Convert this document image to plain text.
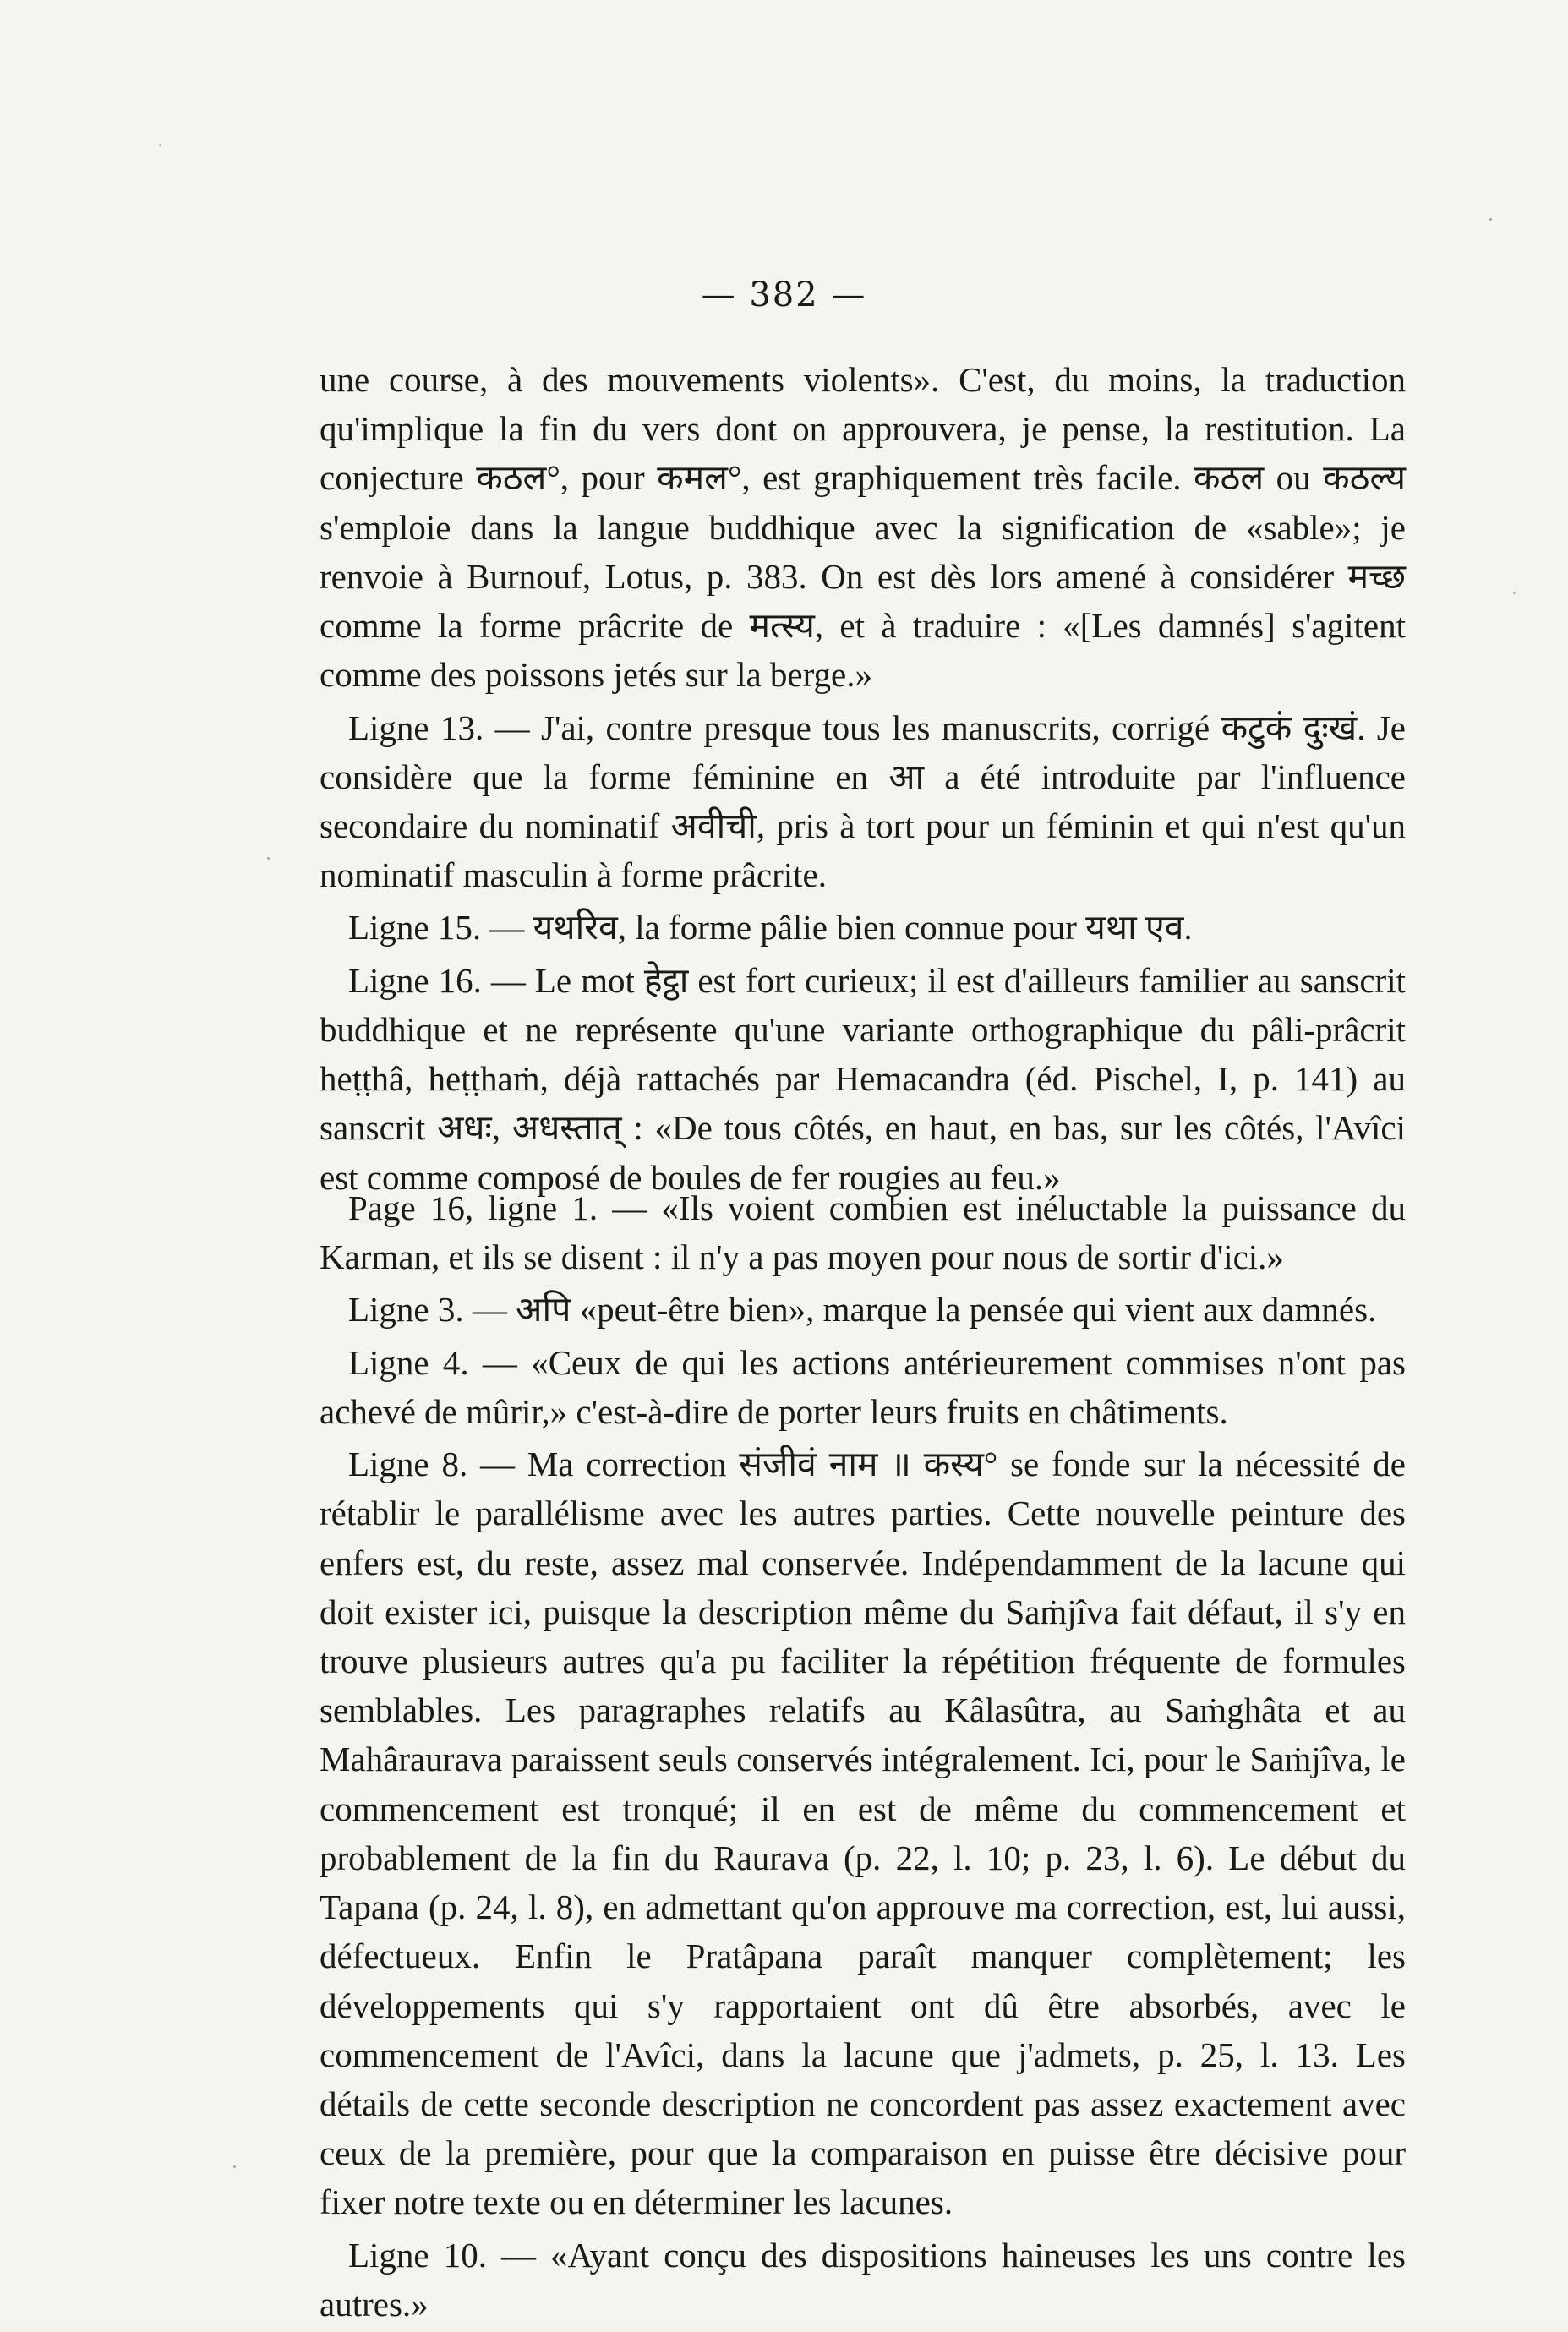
— 382 —

une course, à des mouvements violents». C'est, du moins, la traduction qu'implique la fin du vers dont on approuvera, je pense, la restitution. La conjecture कठल°, pour कमल°, est graphiquement très facile. कठल ou कठल्य s'emploie dans la langue buddhique avec la signification de «sable»; je renvoie à Burnouf, Lotus, p. 383. On est dès lors amené à considérer मच्छ comme la forme prâcrite de मत्स्य, et à traduire : «[Les damnés] s'agitent comme des poissons jetés sur la berge.»

Ligne 13. — J'ai, contre presque tous les manuscrits, corrigé कटुकं दुःखं. Je considère que la forme féminine en आ a été introduite par l'influence secondaire du nominatif अवीची, pris à tort pour un féminin et qui n'est qu'un nominatif masculin à forme prâcrite.

Ligne 15. — यथरिव, la forme pâlie bien connue pour यथा एव.

Ligne 16. — Le mot हेट्ठा est fort curieux; il est d'ailleurs familier au sanscrit buddhique et ne représente qu'une variante orthographique du pâli-prâcrit heṭṭhâ, heṭṭhaṁ, déjà rattachés par Hemacandra (éd. Pischel, I, p. 141) au sanscrit अधः, अधस्तात् : «De tous côtés, en haut, en bas, sur les côtés, l'Avîci est comme composé de boules de fer rougies au feu.»

Page 16, ligne 1. — «Ils voient combien est inéluctable la puissance du Karman, et ils se disent : il n'y a pas moyen pour nous de sortir d'ici.»

Ligne 3. — अपि «peut-être bien», marque la pensée qui vient aux damnés.

Ligne 4. — «Ceux de qui les actions antérieurement commises n'ont pas achevé de mûrir,» c'est-à-dire de porter leurs fruits en châtiments.

Ligne 8. — Ma correction संजीवं नाम ॥ कस्य° se fonde sur la nécessité de rétablir le parallélisme avec les autres parties. Cette nouvelle peinture des enfers est, du reste, assez mal conservée. Indépendamment de la lacune qui doit exister ici, puisque la description même du Saṁjîva fait défaut, il s'y en trouve plusieurs autres qu'a pu faciliter la répétition fréquente de formules semblables. Les paragraphes relatifs au Kâlasûtra, au Saṁghâta et au Mahâraurava paraissent seuls conservés intégralement. Ici, pour le Saṁjîva, le commencement est tronqué; il en est de même du commencement et probablement de la fin du Raurava (p. 22, l. 10; p. 23, l. 6). Le début du Tapana (p. 24, l. 8), en admettant qu'on approuve ma correction, est, lui aussi, défectueux. Enfin le Pratâpana paraît manquer complètement; les développements qui s'y rapportaient ont dû être absorbés, avec le commencement de l'Avîci, dans la lacune que j'admets, p. 25, l. 13. Les détails de cette seconde description ne concordent pas assez exactement avec ceux de la première, pour que la comparaison en puisse être décisive pour fixer notre texte ou en déterminer les lacunes.

Ligne 10. — «Ayant conçu des dispositions haineuses les uns contre les autres.»
